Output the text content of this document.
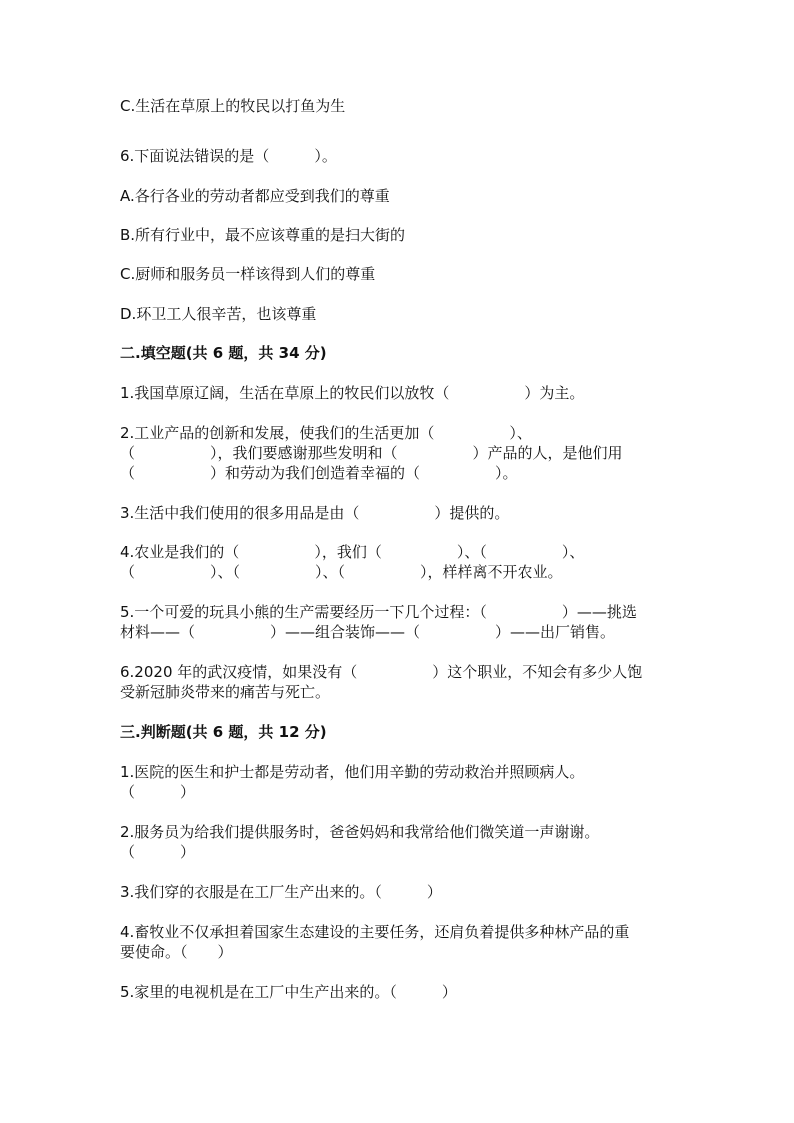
C.生活在草原上的牧民以打鱼为生
6.下面说法错误的是（　　　）。
A.各行各业的劳动者都应受到我们的尊重
B.所有行业中，最不应该尊重的是扫大街的
C.厨师和服务员一样该得到人们的尊重
D.环卫工人很辛苦，也该尊重
二.填空题(共 6 题，共 34 分)
1.我国草原辽阔，生活在草原上的牧民们以放牧（　　　　　）为主。
2.工业产品的创新和发展，使我们的生活更加（　　　　　）、
（　　　　　），我们要感谢那些发明和（　　　　　）产品的人，是他们用
（　　　　　）和劳动为我们创造着幸福的（　　　　　）。
3.生活中我们使用的很多用品是由（　　　　　）提供的。
4.农业是我们的（　　　　　），我们（　　　　　）、（　　　　　）、
（　　　　　）、（　　　　　）、（　　　　　），样样离不开农业。
5.一个可爱的玩具小熊的生产需要经历一下几个过程：（　　　　　）——挑选
材料——（　　　　　）——组合装饰——（　　　　　）——出厂销售。
6.2020 年的武汉疫情，如果没有（　　　　　）这个职业，不知会有多少人饱
受新冠肺炎带来的痛苦与死亡。
三.判断题(共 6 题，共 12 分)
1.医院的医生和护士都是劳动者，他们用辛勤的劳动救治并照顾病人。
（　　　）
2.服务员为给我们提供服务时，爸爸妈妈和我常给他们微笑道一声谢谢。
（　　　）
3.我们穿的衣服是在工厂生产出来的。（　　　）
4.畜牧业不仅承担着国家生态建设的主要任务，还肩负着提供多种林产品的重
要使命。（　　）
5.家里的电视机是在工厂中生产出来的。（　　　）
